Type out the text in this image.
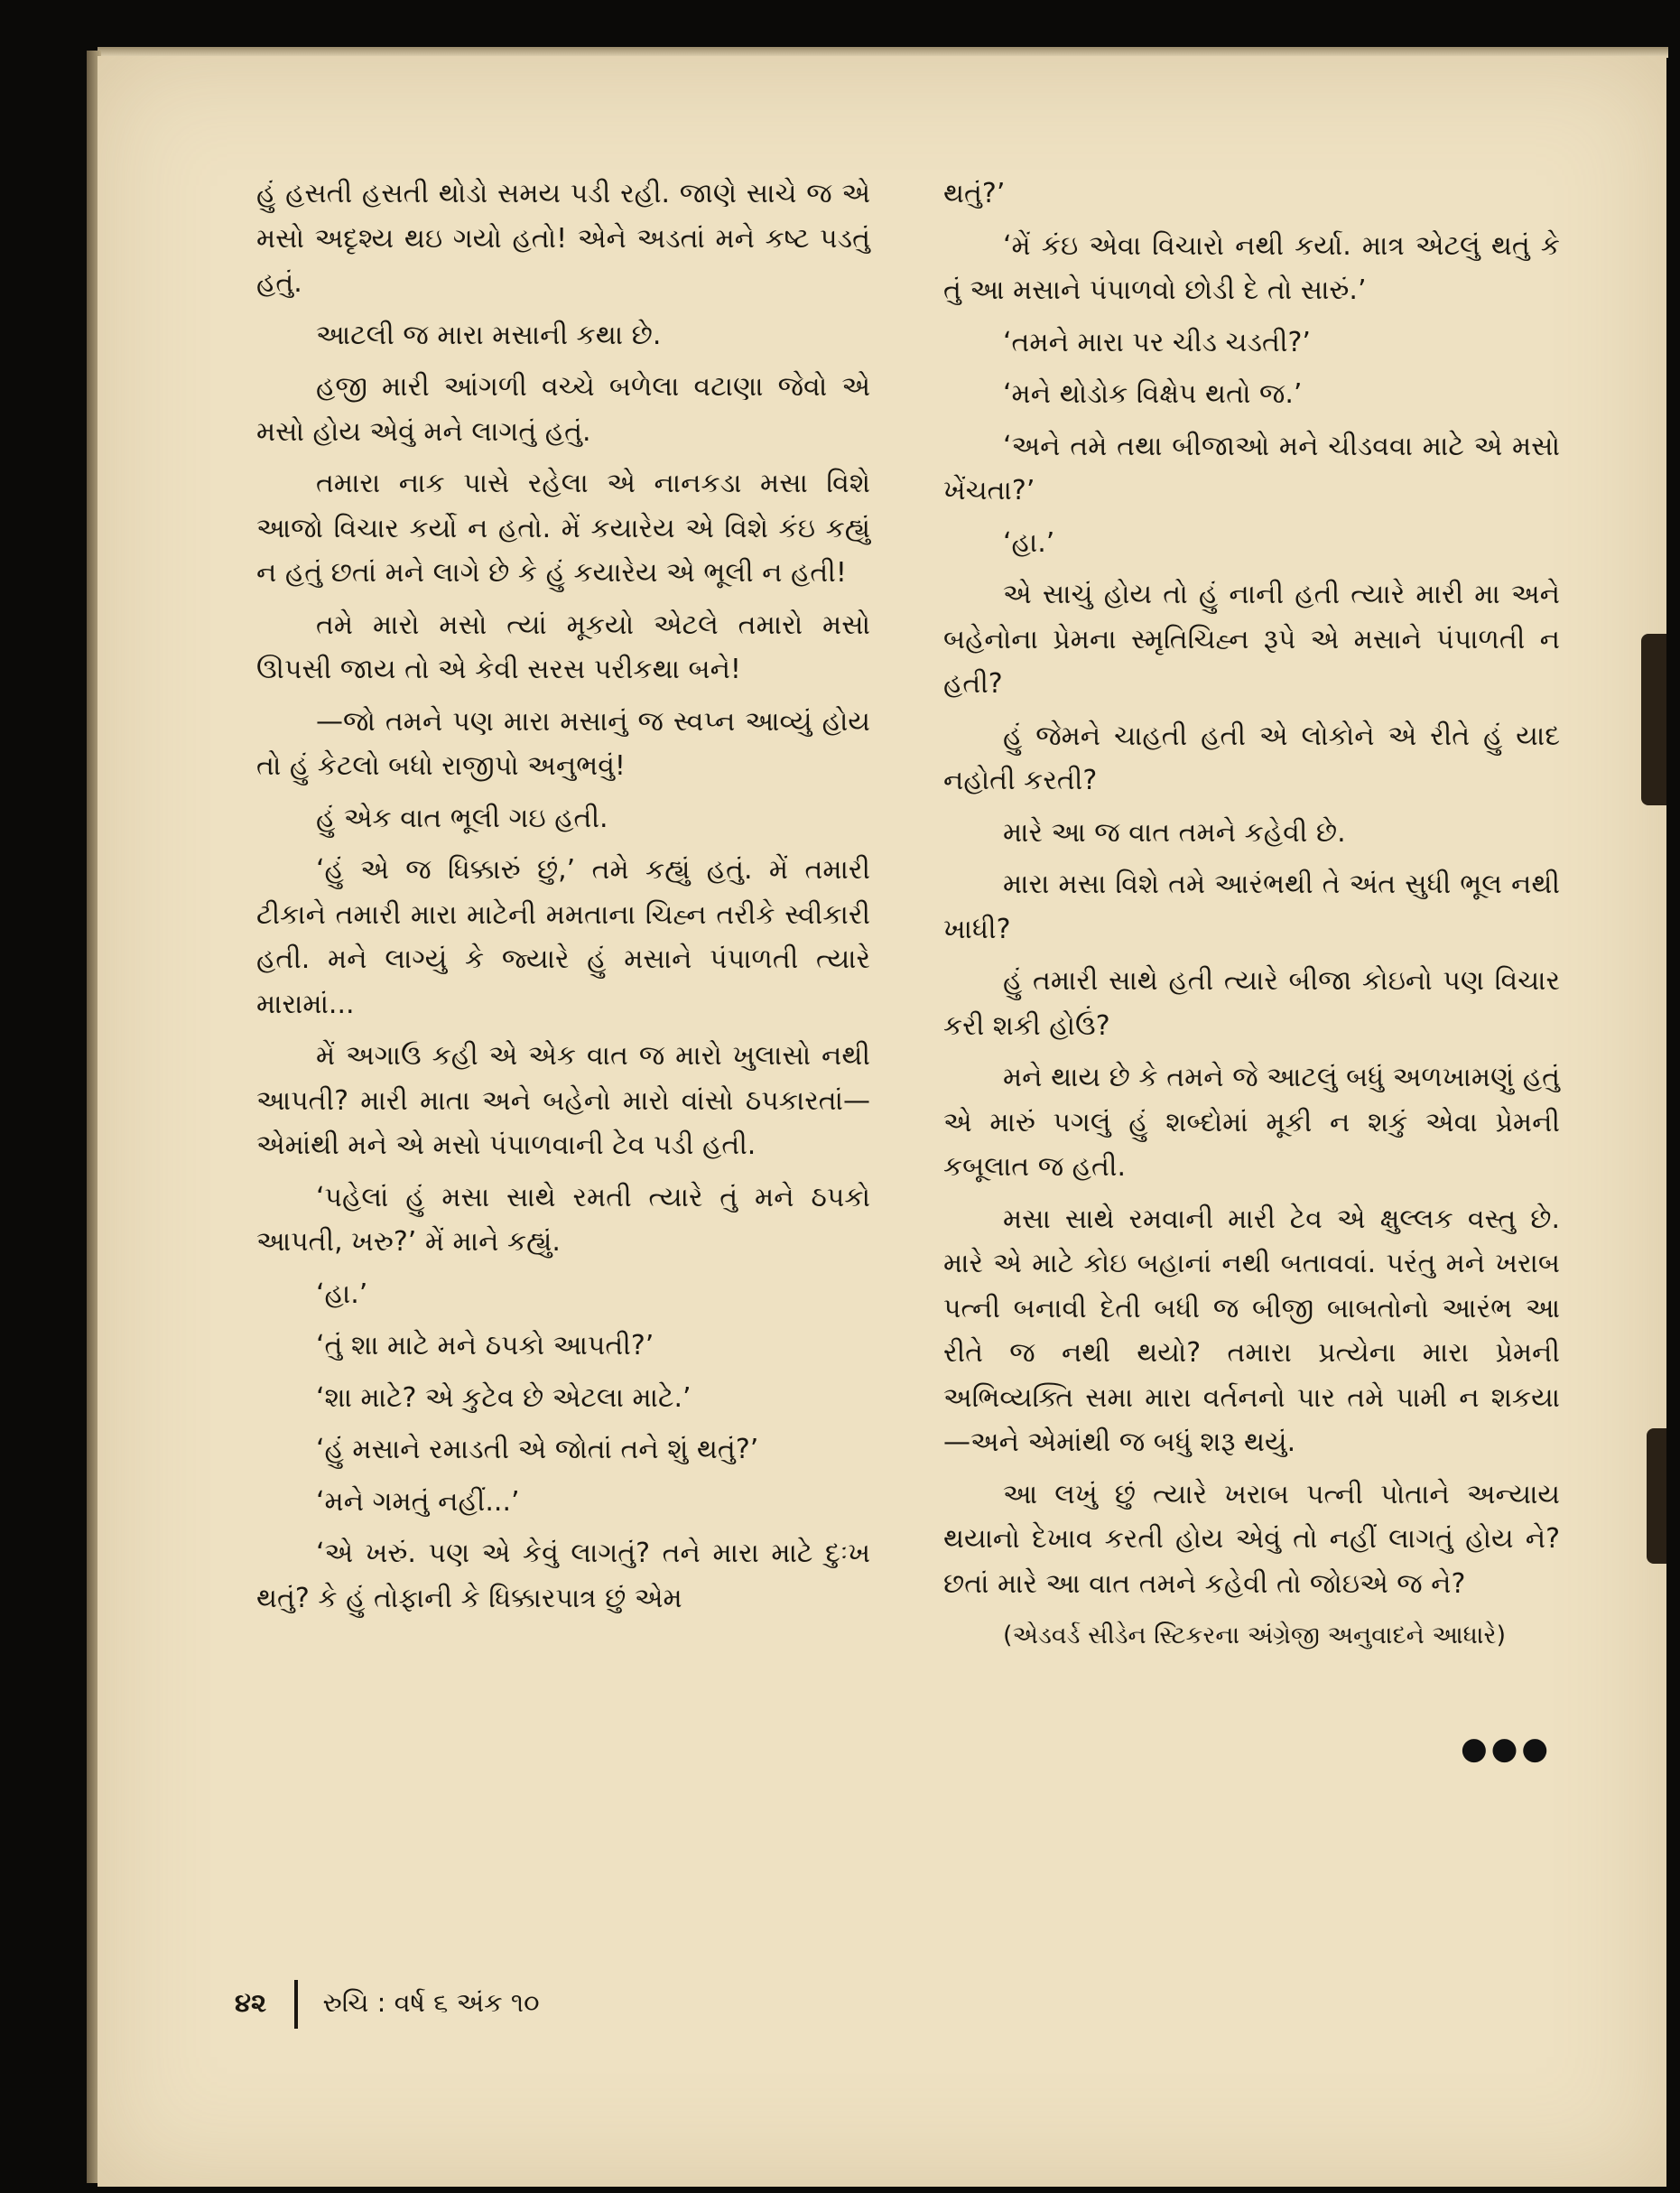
હું હસતી હસતી થોડો સમય પડી રહી. જાણે સાચે જ એ મસો અદૃશ્ય થઇ ગયો હતો! એને અડતાં મને કષ્ટ પડતું હતું.

આટલી જ મારા મસાની કથા છે.

હજી મારી આંગળી વચ્ચે બળેલા વટાણા જેવો એ મસો હોય એવું મને લાગતું હતું.

તમારા નાક પાસે રહેલા એ નાનકડા મસા વિશે આજો વિચાર કર્યો ન હતો. મેં કયારેય એ વિશે કંઇ કહ્યું ન હતું છતાં મને લાગે છે કે હું કયારેય એ ભૂલી ન હતી!

તમે મારો મસો ત્યાં મૂકયો એટલે તમારો મસો ઊપસી જાય તો એ કેવી સરસ પરીકથા બને!

—જો તમને પણ મારા મસાનું જ સ્વપ્ન આવ્યું હોય તો હું કેટલો બધો રાજીપો અનુભવું!

હું એક વાત ભૂલી ગઇ હતી.

‘હું એ જ ધિક્કારું છું,’ તમે કહ્યું હતું. મેં તમારી ટીકાને તમારી મારા માટેની મમતાના ચિહ્ન તરીકે સ્વીકારી હતી. મને લાગ્યું કે જ્યારે હું મસાને પંપાળતી ત્યારે મારામાં...

મેં અગાઉ કહી એ એક વાત જ મારો ખુલાસો નથી આપતી? મારી માતા અને બહેનો મારો વાંસો ઠપકારતાં—એમાંથી મને એ મસો પંપાળવાની ટેવ પડી હતી.

‘પહેલાં હું મસા સાથે રમતી ત્યારે તું મને ઠપકો આપતી, ખરુ?’ મેં માને કહ્યું.

‘હા.’

‘તું શા માટે મને ઠપકો આપતી?’

‘શા માટે? એ કુટેવ છે એટલા માટે.’

‘હું મસાને રમાડતી એ જોતાં તને શું થતું?’

‘મને ગમતું નહીં...’

‘એ ખરું. પણ એ કેવું લાગતું? તને મારા માટે દુઃખ થતું? કે હું તોફાની કે ધિક્કારપાત્ર છું એમ

થતું?’

‘મેં કંઇ એવા વિચારો નથી કર્યા. માત્ર એટલું થતું કે તું આ મસાને પંપાળવો છોડી દે તો સારું.’

‘તમને મારા પર ચીડ ચડતી?’

‘મને થોડોક વિક્ષેપ થતો જ.’

‘અને તમે તથા બીજાઓ મને ચીડવવા માટે એ મસો ખેંચતા?’

‘હા.’

એ સાચું હોય તો હું નાની હતી ત્યારે મારી મા અને બહેનોના પ્રેમના સ્મૃતિચિહ્ન રૂપે એ મસાને પંપાળતી ન હતી?

હું જેમને ચાહતી હતી એ લોકોને એ રીતે હું યાદ નહોતી કરતી?

મારે આ જ વાત તમને કહેવી છે.

મારા મસા વિશે તમે આરંભથી તે અંત સુધી ભૂલ નથી ખાધી?

હું તમારી સાથે હતી ત્યારે બીજા કોઇનો પણ વિચાર કરી શકી હોઉં?

મને થાય છે કે તમને જે આટલું બધું અળખામણું હતું એ મારું પગલું હું શબ્દોમાં મૂકી ન શકું એવા પ્રેમની કબૂલાત જ હતી.

મસા સાથે રમવાની મારી ટેવ એ ક્ષુલ્લક વસ્તુ છે. મારે એ માટે કોઇ બહાનાં નથી બતાવવાં. પરંતુ મને ખરાબ પત્ની બનાવી દેતી બધી જ બીજી બાબતોનો આરંભ આ રીતે જ નથી થયો? તમારા પ્રત્યેના મારા પ્રેમની અભિવ્યક્તિ સમા મારા વર્તનનો પાર તમે પામી ન શકયા—અને એમાંથી જ બધું શરૂ થયું.

આ લખું છું ત્યારે ખરાબ પત્ની પોતાને અન્યાય થયાનો દેખાવ કરતી હોય એવું તો નહીં લાગતું હોય ને? છતાં મારે આ વાત તમને કહેવી તો જોઇએ જ ને?

(એડવર્ડ સીડેન સ્ટિકરના અંગ્રેજી અનુવાદને આધારે)

●●●
૪૨ રુચિ : વર્ષ ૬ અંક ૧૦
